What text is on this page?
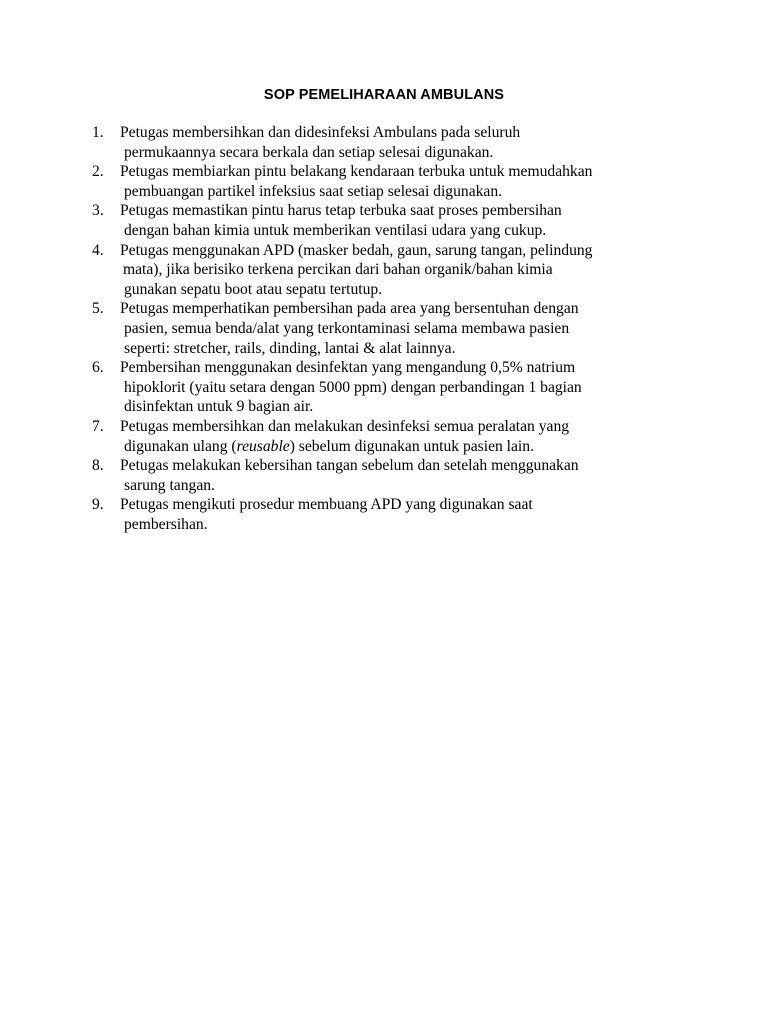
SOP PEMELIHARAAN AMBULANS
1. Petugas membersihkan dan didesinfeksi Ambulans pada seluruh
permukaannya secara berkala dan setiap selesai digunakan.
2. Petugas membiarkan pintu belakang kendaraan terbuka untuk memudahkan
pembuangan partikel infeksius saat setiap selesai digunakan.
3. Petugas memastikan pintu harus tetap terbuka saat proses pembersihan
dengan bahan kimia untuk memberikan ventilasi udara yang cukup.
4. Petugas menggunakan APD (masker bedah, gaun, sarung tangan, pelindung
mata), jika berisiko terkena percikan dari bahan organik/bahan kimia
gunakan sepatu boot atau sepatu tertutup.
5. Petugas memperhatikan pembersihan pada area yang bersentuhan dengan
pasien, semua benda/alat yang terkontaminasi selama membawa pasien
seperti: stretcher, rails, dinding, lantai & alat lainnya.
6. Pembersihan menggunakan desinfektan yang mengandung 0,5% natrium
hipoklorit (yaitu setara dengan 5000 ppm) dengan perbandingan 1 bagian
disinfektan untuk 9 bagian air.
7. Petugas membersihkan dan melakukan desinfeksi semua peralatan yang
digunakan ulang (reusable) sebelum digunakan untuk pasien lain.
8. Petugas melakukan kebersihan tangan sebelum dan setelah menggunakan
sarung tangan.
9. Petugas mengikuti prosedur membuang APD yang digunakan saat
pembersihan.
